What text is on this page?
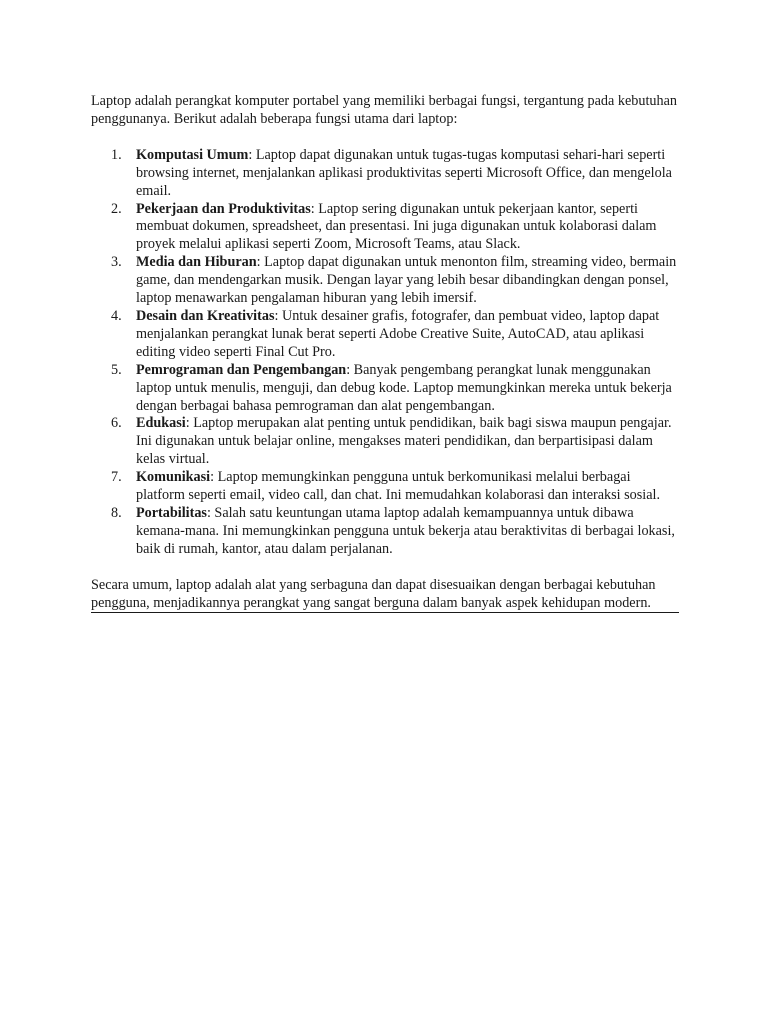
Laptop adalah perangkat komputer portabel yang memiliki berbagai fungsi, tergantung pada kebutuhan penggunanya. Berikut adalah beberapa fungsi utama dari laptop:

1.	Komputasi Umum: Laptop dapat digunakan untuk tugas-tugas komputasi sehari-hari seperti browsing internet, menjalankan aplikasi produktivitas seperti Microsoft Office, dan mengelola email.
2.	Pekerjaan dan Produktivitas: Laptop sering digunakan untuk pekerjaan kantor, seperti membuat dokumen, spreadsheet, dan presentasi. Ini juga digunakan untuk kolaborasi dalam proyek melalui aplikasi seperti Zoom, Microsoft Teams, atau Slack.
3.	Media dan Hiburan: Laptop dapat digunakan untuk menonton film, streaming video, bermain game, dan mendengarkan musik. Dengan layar yang lebih besar dibandingkan dengan ponsel, laptop menawarkan pengalaman hiburan yang lebih imersif.
4.	Desain dan Kreativitas: Untuk desainer grafis, fotografer, dan pembuat video, laptop dapat menjalankan perangkat lunak berat seperti Adobe Creative Suite, AutoCAD, atau aplikasi editing video seperti Final Cut Pro.
5.	Pemrograman dan Pengembangan: Banyak pengembang perangkat lunak menggunakan laptop untuk menulis, menguji, dan debug kode. Laptop memungkinkan mereka untuk bekerja dengan berbagai bahasa pemrograman dan alat pengembangan.
6.	Edukasi: Laptop merupakan alat penting untuk pendidikan, baik bagi siswa maupun pengajar. Ini digunakan untuk belajar online, mengakses materi pendidikan, dan berpartisipasi dalam kelas virtual.
7.	Komunikasi: Laptop memungkinkan pengguna untuk berkomunikasi melalui berbagai platform seperti email, video call, dan chat. Ini memudahkan kolaborasi dan interaksi sosial.
8.	Portabilitas: Salah satu keuntungan utama laptop adalah kemampuannya untuk dibawa kemana-mana. Ini memungkinkan pengguna untuk bekerja atau beraktivitas di berbagai lokasi, baik di rumah, kantor, atau dalam perjalanan.

Secara umum, laptop adalah alat yang serbaguna dan dapat disesuaikan dengan berbagai kebutuhan pengguna, menjadikannya perangkat yang sangat berguna dalam banyak aspek kehidupan modern.
